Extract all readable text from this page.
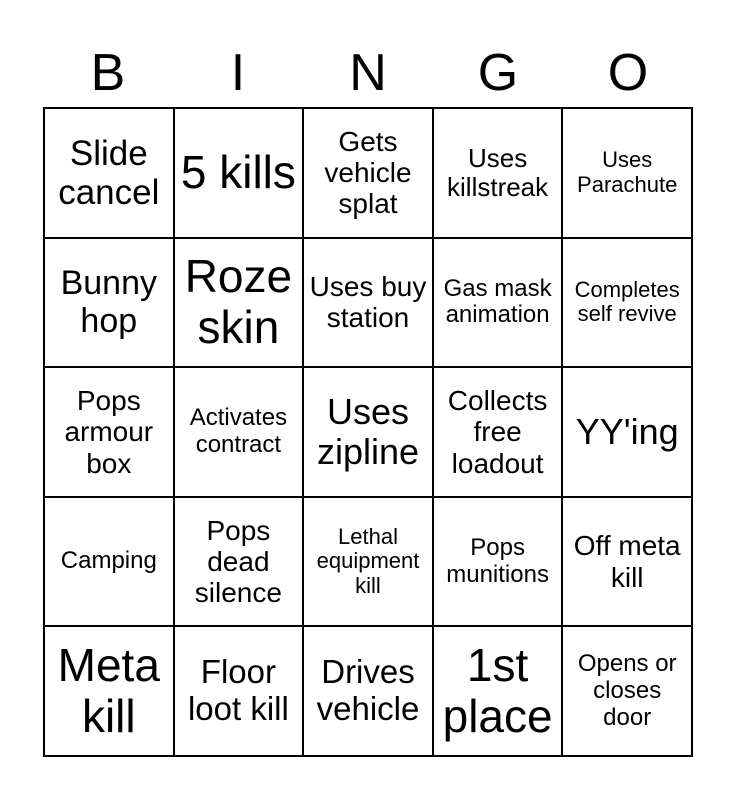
B	I	N	G	O
Slide cancel 5 kills
Gets vehicle splat
Uses killstreak
Uses Parachute
Bunny hop
Roze skin
Uses buy station
Gas mask animation
Completes self revive
Pops armour box
Activates contract
Uses zipline
Collects free loadout
YY'ing
Camping
Pops dead silence
Lethal equipment kill
Pops munitions
Off meta kill
Meta kill
Floor loot kill
Drives vehicle
1st place
Opens or closes door
